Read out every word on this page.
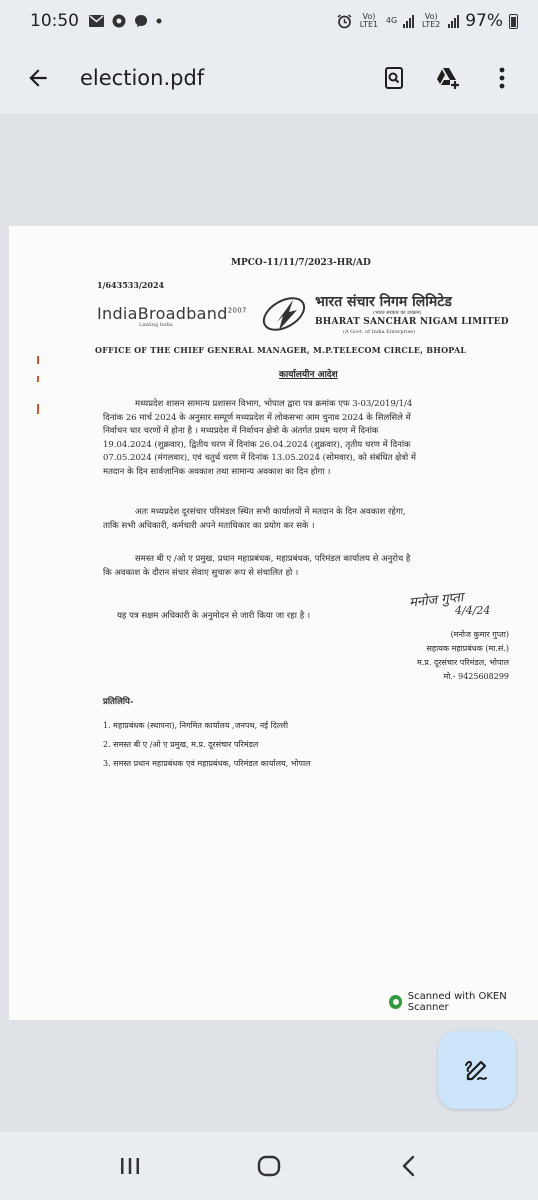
10:50	Vo) LTE1 4G	Vo) LTE2 97%
election.pdf
MPCO-11/11/7/2023-HR/AD
1/643533/2024
IndiaBroadband$^{2007}$
Linking India
भारत संचार निगम लिमिटेड
(भारत सरकार का उपक्रम)
BHARAT SANCHAR NIGAM LIMITED
(A Govt. of India Enterprise)
OFFICE OF THE CHIEF GENERAL MANAGER, M.P.TELECOM CIRCLE, BHOPAL
कार्यालयीन आदेश
मध्यप्रदेश शासन सामान्य प्रशासन विभाग, भोपाल द्वारा पत्र क्रमांक एफ 3-03/2019/1/4
दिनांक 26 मार्च 2024 के अनुसार सम्पूर्ण मध्यप्रदेश में लोकसभा आम चुनाव 2024 के सिलसिले में
निर्वाचन चार चरणों में होना है । मध्यप्रदेश में निर्वाचन क्षेत्रो के अंतर्गत प्रथम चरण में दिनांक
19.04.2024 (शुक्रवार), द्वितीय चरण में दिनांक 26.04.2024 (शुक्रवार), तृतीय चरण में दिनांक
07.05.2024 (मंगलवार), एवं चतुर्थ चरण में दिनांक 13.05.2024 (सोमवार), को संबंधित क्षेत्रो में
मतदान के दिन सार्वजानिक अवकाश तथा सामान्य अवकाश का दिन होगा ।
अतः मध्यप्रदेश दूरसंचार परिमंडल स्थित सभी कार्यालयों में मतदान के दिन अवकाश रहेगा,
ताकि सभी अधिकारी, कर्मचारी अपने मताधिकार का प्रयोग कर सके ।
समस्त बी ए /ओ ए प्रमुख, प्रधान महाप्रबंधक, महाप्रबंधक, परिमंडल कार्यालय से अनुरोध है
कि अवकाश के दौरान संचार सेवाए सुचारू रूप से संचालित हो ।
यह पत्र सक्षम अधिकारी के अनुमोदन से जारी किया जा रहा है ।
मनोज गुप्ता
4/4/24
(मनोज कुमार गुप्ता)
सहायक महाप्रबंधक (मा.सं.)
म.प्र. दूरसंचार परिमंडल, भोपाल
मो.- 9425608299
प्रतिलिपि-
1. महाप्रबंधक (स्थापना), निगमित कार्यालय ,जनपथ, नई दिल्ली
2. समस्त बी ए /ओ ए प्रमुख, म.प्र. दूरसंचार परिमंडल
3. समस्त प्रधान महाप्रबंधक एवं महाप्रबंधक, परिमंडल कार्यालय, भोपाल
Scanned with OKEN Scanner
